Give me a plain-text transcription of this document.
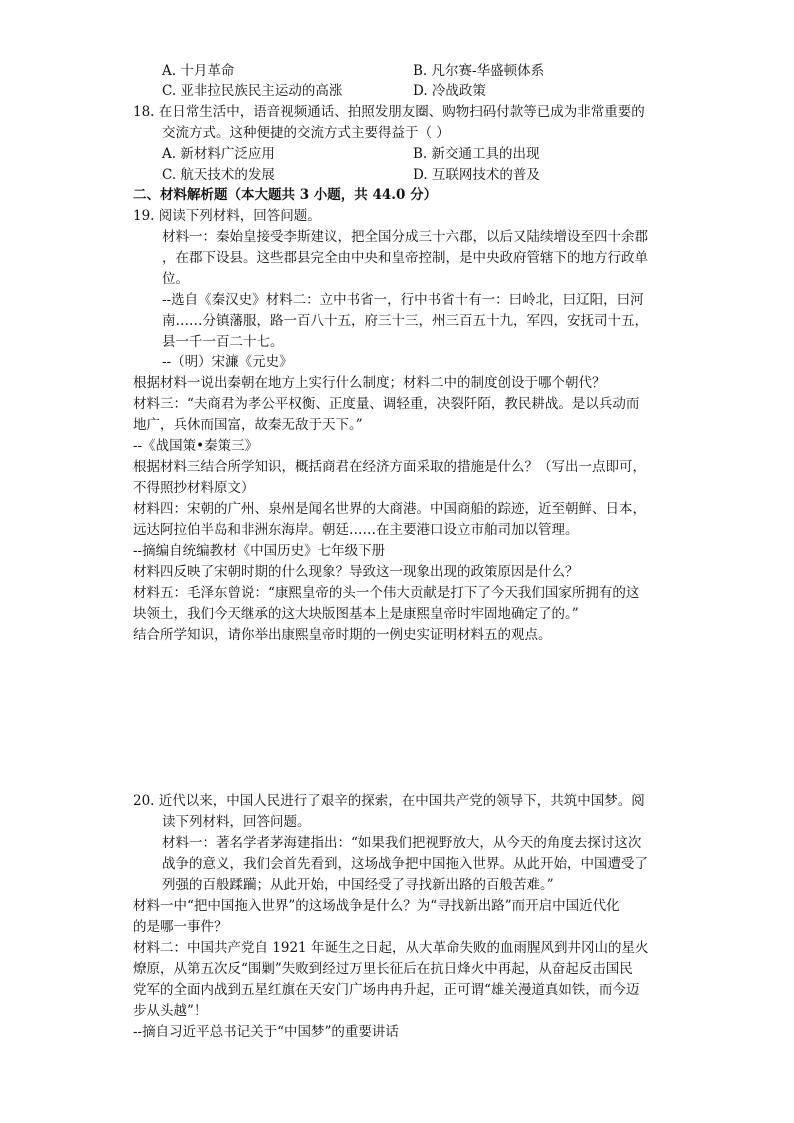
A. 十月革命	B. 凡尔赛-华盛顿体系
C. 亚非拉民族民主运动的高涨	D. 冷战政策
18. 在日常生活中，语音视频通话、拍照发朋友圈、购物扫码付款等已成为非常重要的
交流方式。这种便捷的交流方式主要得益于（ ）
A. 新材料广泛应用	B. 新交通工具的出现
C. 航天技术的发展	D. 互联网技术的普及
二、材料解析题（本大题共 3 小题，共 44.0 分）
19. 阅读下列材料，回答问题。
材料一：秦始皇接受李斯建议，把全国分成三十六郡，以后又陆续增设至四十余郡
，在郡下设县。这些郡县完全由中央和皇帝控制，是中央政府管辖下的地方行政单
位。
--选自《秦汉史》材料二：立中书省一，行中书省十有一：曰岭北，曰辽阳，曰河
南……分镇藩服，路一百八十五，府三十三，州三百五十九，军四，安抚司十五，
县一千一百二十七。
--（明）宋濂《元史》
根据材料一说出秦朝在地方上实行什么制度；材料二中的制度创设于哪个朝代？
材料三：“夫商君为孝公平权衡、正度量、调轻重，决裂阡陌，教民耕战。是以兵动而
地广，兵休而国富，故秦无敌于天下。”
--《战国策•秦策三》
根据材料三结合所学知识，概括商君在经济方面采取的措施是什么？（写出一点即可，
不得照抄材料原文）
材料四：宋朝的广州、泉州是闻名世界的大商港。中国商船的踪迹，近至朝鲜、日本，
远达阿拉伯半岛和非洲东海岸。朝廷……在主要港口设立市舶司加以管理。
--摘编自统编教材《中国历史》七年级下册
材料四反映了宋朝时期的什么现象？导致这一现象出现的政策原因是什么？
材料五：毛泽东曾说：“康熙皇帝的头一个伟大贡献是打下了今天我们国家所拥有的这
块领土，我们今天继承的这大块版图基本上是康熙皇帝时牢固地确定了的。”
结合所学知识，请你举出康熙皇帝时期的一例史实证明材料五的观点。
20. 近代以来，中国人民进行了艰辛的探索，在中国共产党的领导下，共筑中国梦。阅
读下列材料，回答问题。
材料一：著名学者茅海建指出：“如果我们把视野放大，从今天的角度去探讨这次
战争的意义，我们会首先看到，这场战争把中国拖入世界。从此开始，中国遭受了
列强的百般蹂躏；从此开始，中国经受了寻找新出路的百般苦难。”
材料一中“把中国拖入世界”的这场战争是什么？为“寻找新出路”而开启中国近代化
的是哪一事件？
材料二：中国共产党自 1921 年诞生之日起，从大革命失败的血雨腥风到井冈山的星火
燎原，从第五次反“围剿”失败到经过万里长征后在抗日烽火中再起，从奋起反击国民
党军的全面内战到五星红旗在天安门广场冉冉升起，正可谓“雄关漫道真如铁，而今迈
步从头越”！
--摘自习近平总书记关于“中国梦”的重要讲话
